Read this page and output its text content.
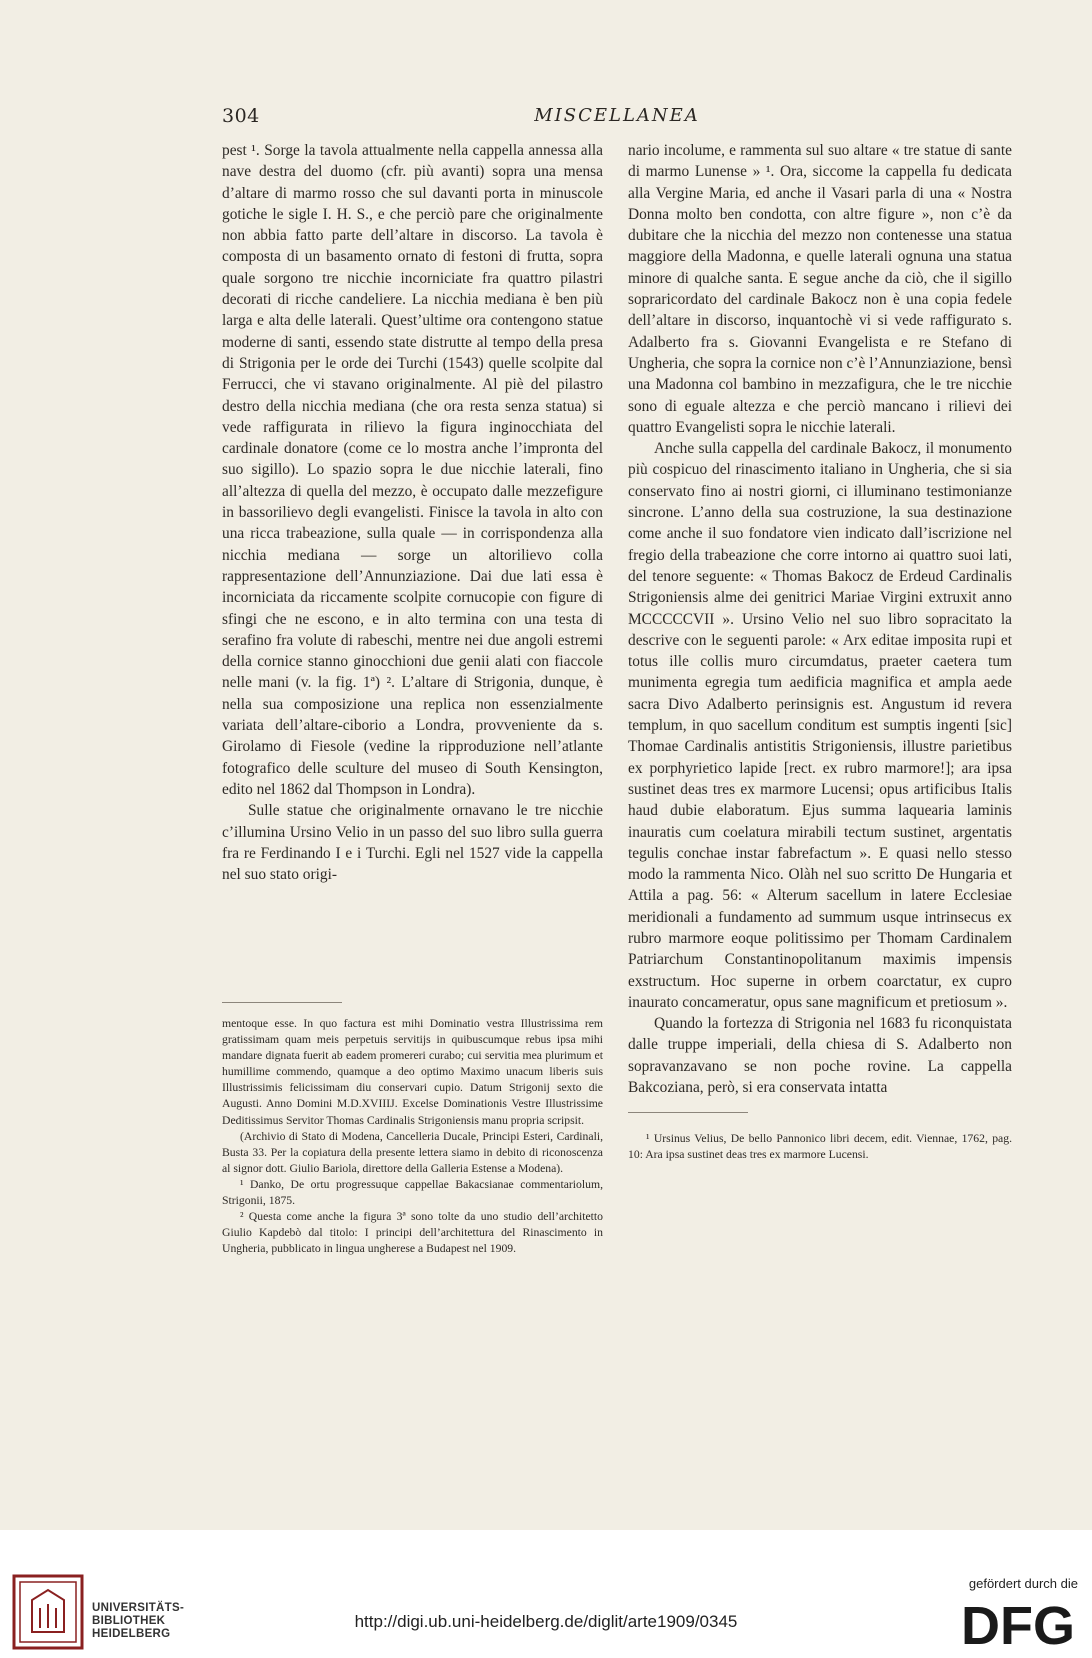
304	MISCELLANEA

pest ¹. Sorge la tavola attualmente nella cappella annessa alla nave destra del duomo (cfr. più avanti) sopra una mensa d’altare di marmo rosso che sul davanti porta in minuscole gotiche le sigle I. H. S., e che perciò pare che originalmente non abbia fatto parte dell’altare in discorso. La tavola è composta di un basamento ornato di festoni di frutta, sopra quale sorgono tre nicchie incorniciate fra quattro pilastri decorati di ricche candeliere. La nicchia mediana è ben più larga e alta delle laterali. Quest’ultime ora contengono statue moderne di santi, essendo state distrutte al tempo della presa di Strigonia per le orde dei Turchi (1543) quelle scolpite dal Ferrucci, che vi stavano originalmente. Al piè del pilastro destro della nicchia mediana (che ora resta senza statua) si vede raffigurata in rilievo la figura inginocchiata del cardinale donatore (come ce lo mostra anche l’impronta del suo sigillo). Lo spazio sopra le due nicchie laterali, fino all’altezza di quella del mezzo, è occupato dalle mezzefigure in bassorilievo degli evangelisti. Finisce la tavola in alto con una ricca trabeazione, sulla quale — in corrispondenza alla nicchia mediana — sorge un altorilievo colla rappresentazione dell’Annunziazione. Dai due lati essa è incorniciata da riccamente scolpite cornucopie con figure di sfingi che ne escono, e in alto termina con una testa di serafino fra volute di rabeschi, mentre nei due angoli estremi della cornice stanno ginocchioni due genii alati con fiaccole nelle mani (v. la fig. 1ª) ². L’altare di Strigonia, dunque, è nella sua composizione una replica non essenzialmente variata dell’altare-ciborio a Londra, provveniente da s. Girolamo di Fiesole (vedine la ripproduzione nell’atlante fotografico delle sculture del museo di South Kensington, edito nel 1862 dal Thompson in Londra).

Sulle statue che originalmente ornavano le tre nicchie c’illumina Ursino Velio in un passo del suo libro sulla guerra fra re Ferdinando I e i Turchi. Egli nel 1527 vide la cappella nel suo stato origi-

nario incolume, e rammenta sul suo altare « tre statue di sante di marmo Lunense » ¹. Ora, siccome la cappella fu dedicata alla Vergine Maria, ed anche il Vasari parla di una « Nostra Donna molto ben condotta, con altre figure », non c’è da dubitare che la nicchia del mezzo non contenesse una statua maggiore della Madonna, e quelle laterali ognuna una statua minore di qualche santa. E segue anche da ciò, che il sigillo sopraricordato del cardinale Bakocz non è una copia fedele dell’altare in discorso, inquantochè vi si vede raffigurato s. Adalberto fra s. Giovanni Evangelista e re Stefano di Ungheria, che sopra la cornice non c’è l’Annunziazione, bensì una Madonna col bambino in mezzafigura, che le tre nicchie sono di eguale altezza e che perciò mancano i rilievi dei quattro Evangelisti sopra le nicchie laterali.

Anche sulla cappella del cardinale Bakocz, il monumento più cospicuo del rinascimento italiano in Ungheria, che si sia conservato fino ai nostri giorni, ci illuminano testimonianze sincrone. L’anno della sua costruzione, la sua destinazione come anche il suo fondatore vien indicato dall’iscrizione nel fregio della trabeazione che corre intorno ai quattro suoi lati, del tenore seguente: « Thomas Bakocz de Erdeud Cardinalis Strigoniensis alme dei genitrici Mariae Virgini extruxit anno MCCCCCVII ». Ursino Velio nel suo libro sopracitato la descrive con le seguenti parole: « Arx editae imposita rupi et totus ille collis muro circumdatus, praeter caetera tum munimenta egregia tum aedificia magnifica et ampla aede sacra Divo Adalberto perinsignis est. Angustum id revera templum, in quo sacellum conditum est sumptis ingenti [sic] Thomae Cardinalis antistitis Strigoniensis, illustre parietibus ex porphyrietico lapide [rect. ex rubro marmore!]; ara ipsa sustinet deas tres ex marmore Lucensi; opus artificibus Italis haud dubie elaboratum. Ejus summa laquearia laminis inauratis cum coelatura mirabili tectum sustinet, argentatis tegulis conchae instar fabrefactum ». E quasi nello stesso modo la rammenta Nico. Olàh nel suo scritto De Hungaria et Attila a pag. 56: « Alterum sacellum in latere Ecclesiae meridionali a fundamento ad summum usque intrinsecus ex rubro marmore eoque politissimo per Thomam Cardinalem Patriarchum Constantinopolitanum maximis impensis exstructum. Hoc superne in orbem coarctatur, ex cupro inaurato concameratur, opus sane magnificum et pretiosum ».

Quando la fortezza di Strigonia nel 1683 fu riconquistata dalle truppe imperiali, della chiesa di S. Adalberto non sopravanzavano se non poche rovine. La cappella Bakcoziana, però, si era conservata intatta

¹ Ursinus Velius, De bello Pannonico libri decem, edit. Viennae, 1762, pag. 10: Ara ipsa sustinet deas tres ex marmore Lucensi.

mentoque esse. In quo factura est mihi Dominatio vestra Illustrissima rem gratissimam quam meis perpetuis servitijs in quibuscumque rebus ipsa mihi mandare dignata fuerit ab eadem promereri curabo; cui servitia mea plurimum et humillime commendo, quamque a deo optimo Maximo unacum liberis suis Illustrissimis felicissimam diu conservari cupio. Datum Strigonij sexto die Augusti. Anno Domini M.D.XVIIIJ. Excelse Dominationis Vestre Illustrissime Deditissimus Servitor Thomas Cardinalis Strigoniensis manu propria scripsit.

(Archivio di Stato di Modena, Cancelleria Ducale, Principi Esteri, Cardinali, Busta 33. Per la copiatura della presente lettera siamo in debito di riconoscenza al signor dott. Giulio Bariola, direttore della Galleria Estense a Modena).

¹ Danko, De ortu progressuque cappellae Bakacsianae commentariolum, Strigonii, 1875.

² Questa come anche la figura 3ª sono tolte da uno studio dell’architetto Giulio Kapdebò dal titolo: I principi dell’architettura del Rinascimento in Ungheria, pubblicato in lingua ungherese a Budapest nel 1909.

UNIVERSITÄTS-
BIBLIOTHEK
HEIDELBERG
http://digi.ub.uni-heidelberg.de/diglit/arte1909/0345
gefördert durch die
DFG
